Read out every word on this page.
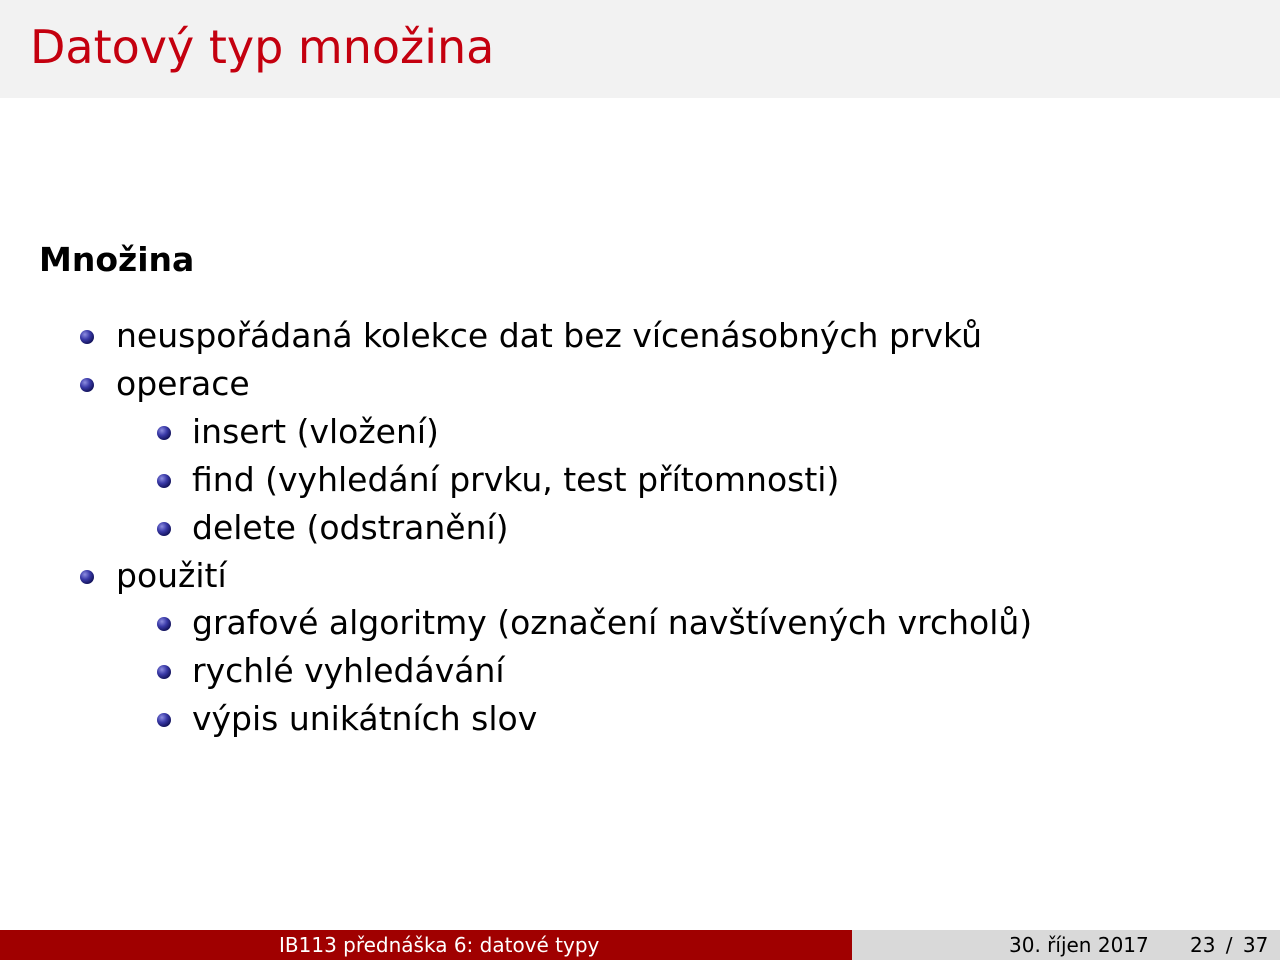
Datový typ množina
Množina
neuspořádaná kolekce dat bez vícenásobných prvků
operace
insert (vložení)
find (vyhledání prvku, test přítomnosti)
delete (odstranění)
použití
grafové algoritmy (označení navštívených vrcholů)
rychlé vyhledávání
výpis unikátních slov
IB113 přednáška 6: datové typy	30. říjen 2017 23 / 37
